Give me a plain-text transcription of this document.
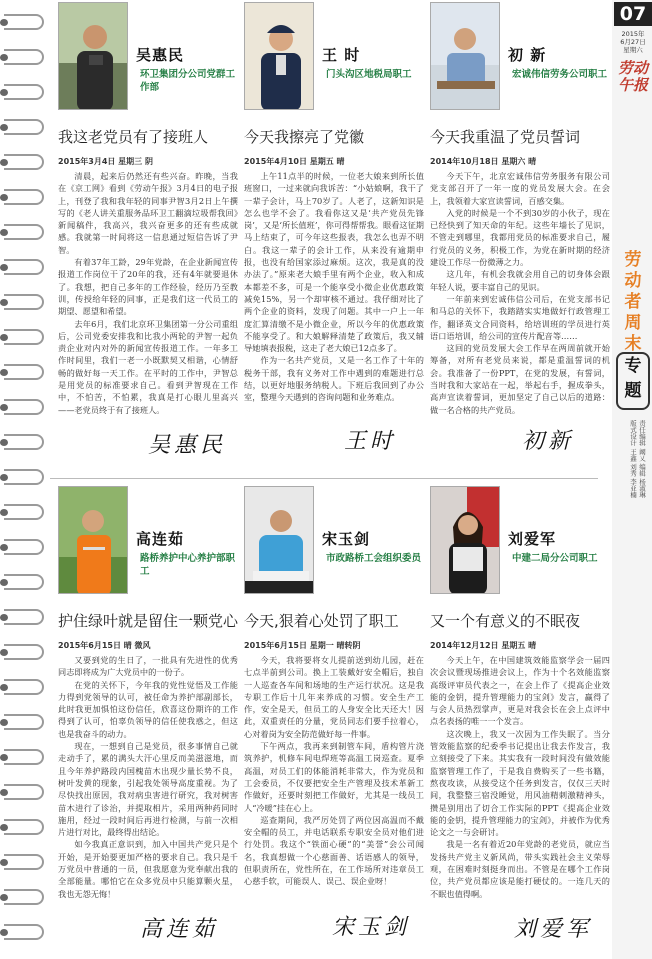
吴惠民
环卫集团分公司党群工作部
我这老党员有了接班人
2015年3月4日 星期三 阴

清晨，起来后仍然还有些兴奋。昨晚，当我在《京工网》看到《劳动午报》3月4日的电子报上，刊登了我和我年轻的同事尹智3月2日上午撰写的《老人讲关重服务品环卫工翻滴垃圾帮我回》新闻稿件，我高兴，我兴奋更多的还有些成就感。我就第一时间将这一信息通过短信告诉了尹智。

有着37年工龄，29年党龄，在企业新闻宣传报道工作岗位干了20年的我，还有4年就要退休了。我想，把自己多年的工作经验，经历乃至教训，传授给年轻的同事，正是我们这一代员工的期望、愿望和希望。

去年6月，我们北京环卫集团第一分公司重组后，公司党委安排我和比我小两轮的尹智一起负责企业对内对外的新闻宣传报道工作。一年多工作时间里，我们一老一小既默契又相谐，心情舒畅的做好每一天工作。在平时的工作中，尹智总是用党员的标准要求自己。看到尹智现在工作中，不怕苦，不怕累，我真是打心眼儿里高兴——老党员终于有了接班人。

吴惠民
王 时
门头沟区地税局职工
今天我擦亮了党徽
2015年4月10日 星期五 晴

上午11点半的时候，一位老大娘来到所长值班窗口，一过来就向我诉苦：“小姑娘啊，我干了一辈子会计，马上70岁了。人老了，这新知识是怎么也学不会了。我看你这又是‘共产党员先锋岗’，又是‘所长值班’，你可得帮帮我。眼看这征期马上结束了，可今年这些报表，我怎么也弄不明白。我这一辈子的会计工作，从来没有逾期申报，也没有给国家添过麻烦。这次，我是真的没办法了。”原来老大娘手里有两个企业，收入和成本都差不多，可是一个能享受小微企业优惠政策减免15%，另一个却审核不通过。我仔细对比了两个企业的资料，发现了问题。其中一户上一年度汇算清缴不是小微企业，所以今年的优惠政策不能享受了。和大娘解释清楚了政策后，我又辅导她填表报税，这走了老大娘已12点多了。

作为一名共产党员，又是一名工作了十年的税务干部，我有义务对工作中遇到的难题进行总结，以更好地服务纳税人。下班后我回到了办公室，整理今天遇到的咨询问题和业务难点。

王时
初 新
宏诚伟信劳务公司职工
今天我重温了党员誓词
2014年10月18日 星期六 晴

今天下午，北京宏诚伟信劳务服务有限公司党支部召开了一年一度的党员发展大会。在会上，我领着大家宣读誓词，百感交集。

入党的时候是一个不到30岁的小伙子，现在已经快到了知天命的年纪。这些年墙长了见识，不管走到哪里，我都用党员的标准要求自己，履行党员的义务，积极工作，为党在新时期的经济建设工作尽一份微薄之力。

这几年，有机会我就会用自己的切身体会跟年轻人说，要丰富自己的见识。

一年前来到宏诚伟信公司后，在党支部书记和马总的关怀下，我踏踏实实地做好行政管理工作，翻译英文合同资料，给培训班的学员进行英语口语培训，给公司的宣传片配音等……

这回的党员发展大会工作早在两周前就开始筹备，对所有老党员来说，都是重温誓词的机会。我准备了一份PPT，在党的发展，有誓词，当时我和大家站在一起，举起右手，握成拳头，高声宣读着誓词，更加坚定了自己以后的道路：做一名合格的共产党员。

初新
高连茹
路桥养护中心养护部职工
护住绿叶就是留住一颗党心
2015年6月15日 晴 微风

又要到党的生日了，一批具有先进性的优秀同志即将成为广大党员中的一份子。

在党的关怀下，今年我的党性觉悟及工作能力得到党领导的认可，被任命为养护部副部长，此时我更加惧怕这份信任，欣喜这份期许的工作得到了认可，怕辜负领导的信任使我惑之，但这也是我奋斗的动力。

现在，一想到自己是党员，很多事情自己就走动手了，累的满头大汗心里反而美滋滋地，而且今年养护路段内国槐苗木出现少量长势不良，树叶发黄的现象，引起我处领导高度重视。为了尽快找出原因，我对病虫害进行研究，我对树害苗木进行了诊治，并提取相片，采用两种药同时施用，经过一段时间后再进行检测，与前一次相片进行对比，最终得出结论。

如今我真正意识到，加入中国共产党只是个开始，是开始要更加严格的要求自己。我只是千万党员中普通的一员，但我愿意为党奉献出我的全部能量。哪怕它在众多党员中只能算颗火星，我也无怨无悔！

高连茹
宋玉剑
市政路桥工会组织委员
今天,狠着心处罚了职工
2015年6月15日 星期一 晴转阴

今天，我将要将女儿提前送到幼儿园，赶在七点半前到公司。换上工装戴好安全帽后，独自一人巡查各车间和场地的生产运行状况。这是我专职工作后十几年来养成的习惯。安全生产工作，安全是天，但员工的人身安全比天还大！因此，双重责任的分量，党员同志们要手拉着心，心对着岗为安全防范做好每一件事。

下午两点，我再来到制管车间，盾构管片浇筑养护，机修车间电焊班等高温工岗巡查。夏季高温，对员工们的体能消耗非常大，作为党员和工会委员，不仅要把安全生产管理及技术革新工作做好，还要时刻把工作做好，尤其是一线员工人“冷暖”挂在心上。

巡查期间，我严厉处罚了两位因高温而不戴安全帽的员工，并电话联系专职安全员对他们进行处罚。我这个“铁面心硬”的“美誉”会公司闻名，我真想做一个心慈面善、话语感人的领导，但职责所在，党性所在，在工作场所对违章员工心慈手软，可能误人、误己、误企业呀！

宋玉剑
刘爱军
中建二局分公司职工
又一个有意义的不眠夜
2014年12月12日 星期五 晴

今天上午，在中国建筑效能监察学会一届四次会议暨现场推进会议上，作为十个名效能监察高级评审员代表之一，在会上作了《提高企业效能的金钥，提升管理能力的宝剑》发言，赢得了与会人员热烈掌声，更是对我会长在会上点评中点名表扬的唯一一个发言。

这次晚上，我又一次因为工作失眠了。当分管效能监察的纪委季书记提出让我去作发言，我立刻接受了下来。其实我有一段时间没有做效能监察管理工作了，于是我自费购买了一些书籍，熬夜攻读，从接受这个任务到发言，仅仅三天时间，我整整三宿没睡觉，用风油精刺激精神头，攒是别用出了切合工作实际的PPT《提高企业效能的金钥，提升管理能力的宝剑》，并被作为优秀论文之一与会研讨。

我是一名有着近20年党龄的老党员，就应当发扬共产党主义新风尚，带头实践社会主义荣辱观，在困难时刻挺身而出。不管是在哪个工作岗位，共产党员都应该是能打硬仗的。一连几天的不眠也值得啊。

刘爱军
07
2015年
6月27日
星期六
劳动午报
劳动者周末
专题
责任编辑 阚乂 编辑 杨淑琳
版式设计 王鑫 刘秀 李亚楠
